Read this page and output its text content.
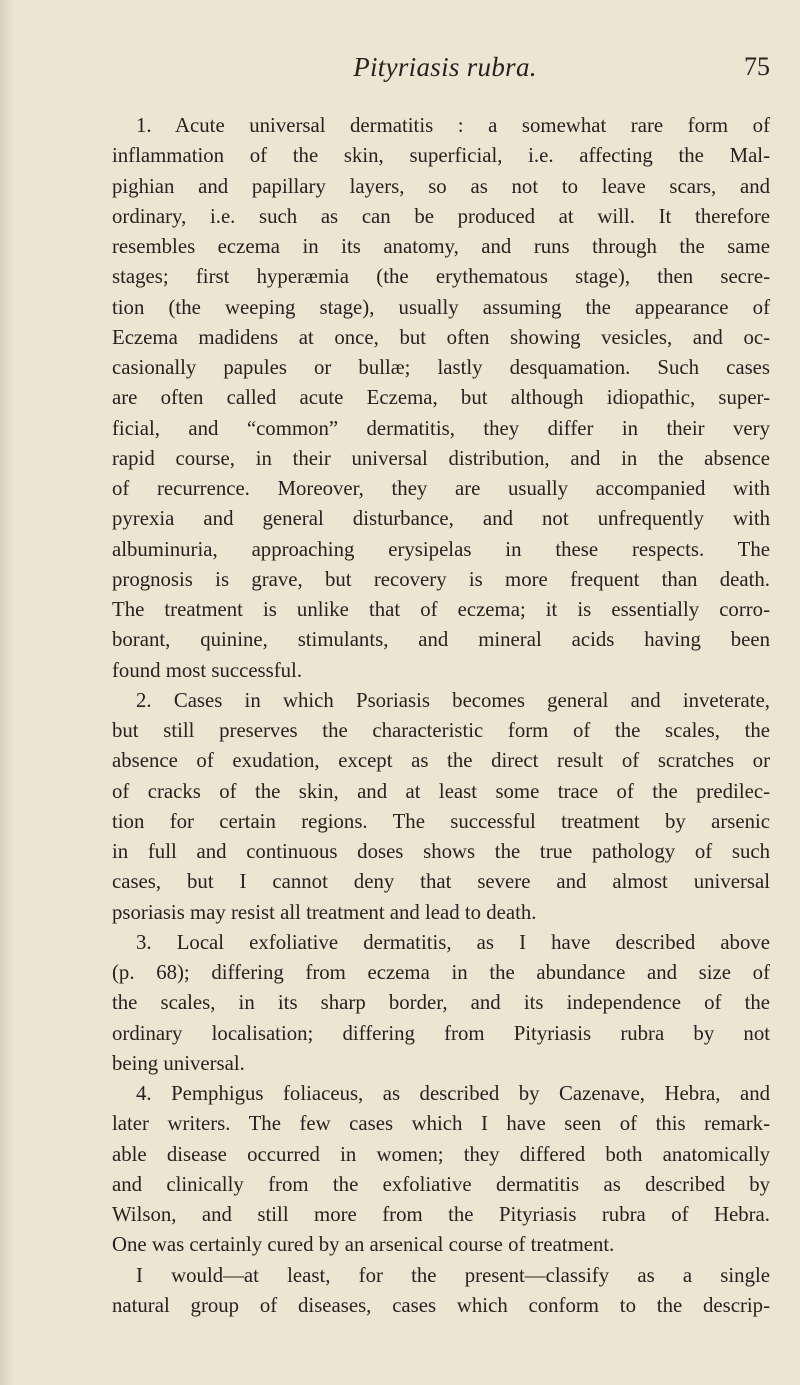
Pityriasis rubra.	75
1. Acute universal dermatitis : a somewhat rare form of
inflammation of the skin, superficial, i.e. affecting the Mal-
pighian and papillary layers, so as not to leave scars, and
ordinary, i.e. such as can be produced at will. It therefore
resembles eczema in its anatomy, and runs through the same
stages; first hyperæmia (the erythematous stage), then secre-
tion (the weeping stage), usually assuming the appearance of
Eczema madidens at once, but often showing vesicles, and oc-
casionally papules or bullæ; lastly desquamation. Such cases
are often called acute Eczema, but although idiopathic, super-
ficial, and “common” dermatitis, they differ in their very
rapid course, in their universal distribution, and in the absence
of recurrence. Moreover, they are usually accompanied with
pyrexia and general disturbance, and not unfrequently with
albuminuria, approaching erysipelas in these respects. The
prognosis is grave, but recovery is more frequent than death.
The treatment is unlike that of eczema; it is essentially corro-
borant, quinine, stimulants, and mineral acids having been
found most successful.
2. Cases in which Psoriasis becomes general and inveterate,
but still preserves the characteristic form of the scales, the
absence of exudation, except as the direct result of scratches or
of cracks of the skin, and at least some trace of the predilec-
tion for certain regions. The successful treatment by arsenic
in full and continuous doses shows the true pathology of such
cases, but I cannot deny that severe and almost universal
psoriasis may resist all treatment and lead to death.
3. Local exfoliative dermatitis, as I have described above
(p. 68); differing from eczema in the abundance and size of
the scales, in its sharp border, and its independence of the
ordinary localisation; differing from Pityriasis rubra by not
being universal.
4. Pemphigus foliaceus, as described by Cazenave, Hebra, and
later writers. The few cases which I have seen of this remark-
able disease occurred in women; they differed both anatomically
and clinically from the exfoliative dermatitis as described by
Wilson, and still more from the Pityriasis rubra of Hebra.
One was certainly cured by an arsenical course of treatment.
I would—at least, for the present—classify as a single
natural group of diseases, cases which conform to the descrip-
